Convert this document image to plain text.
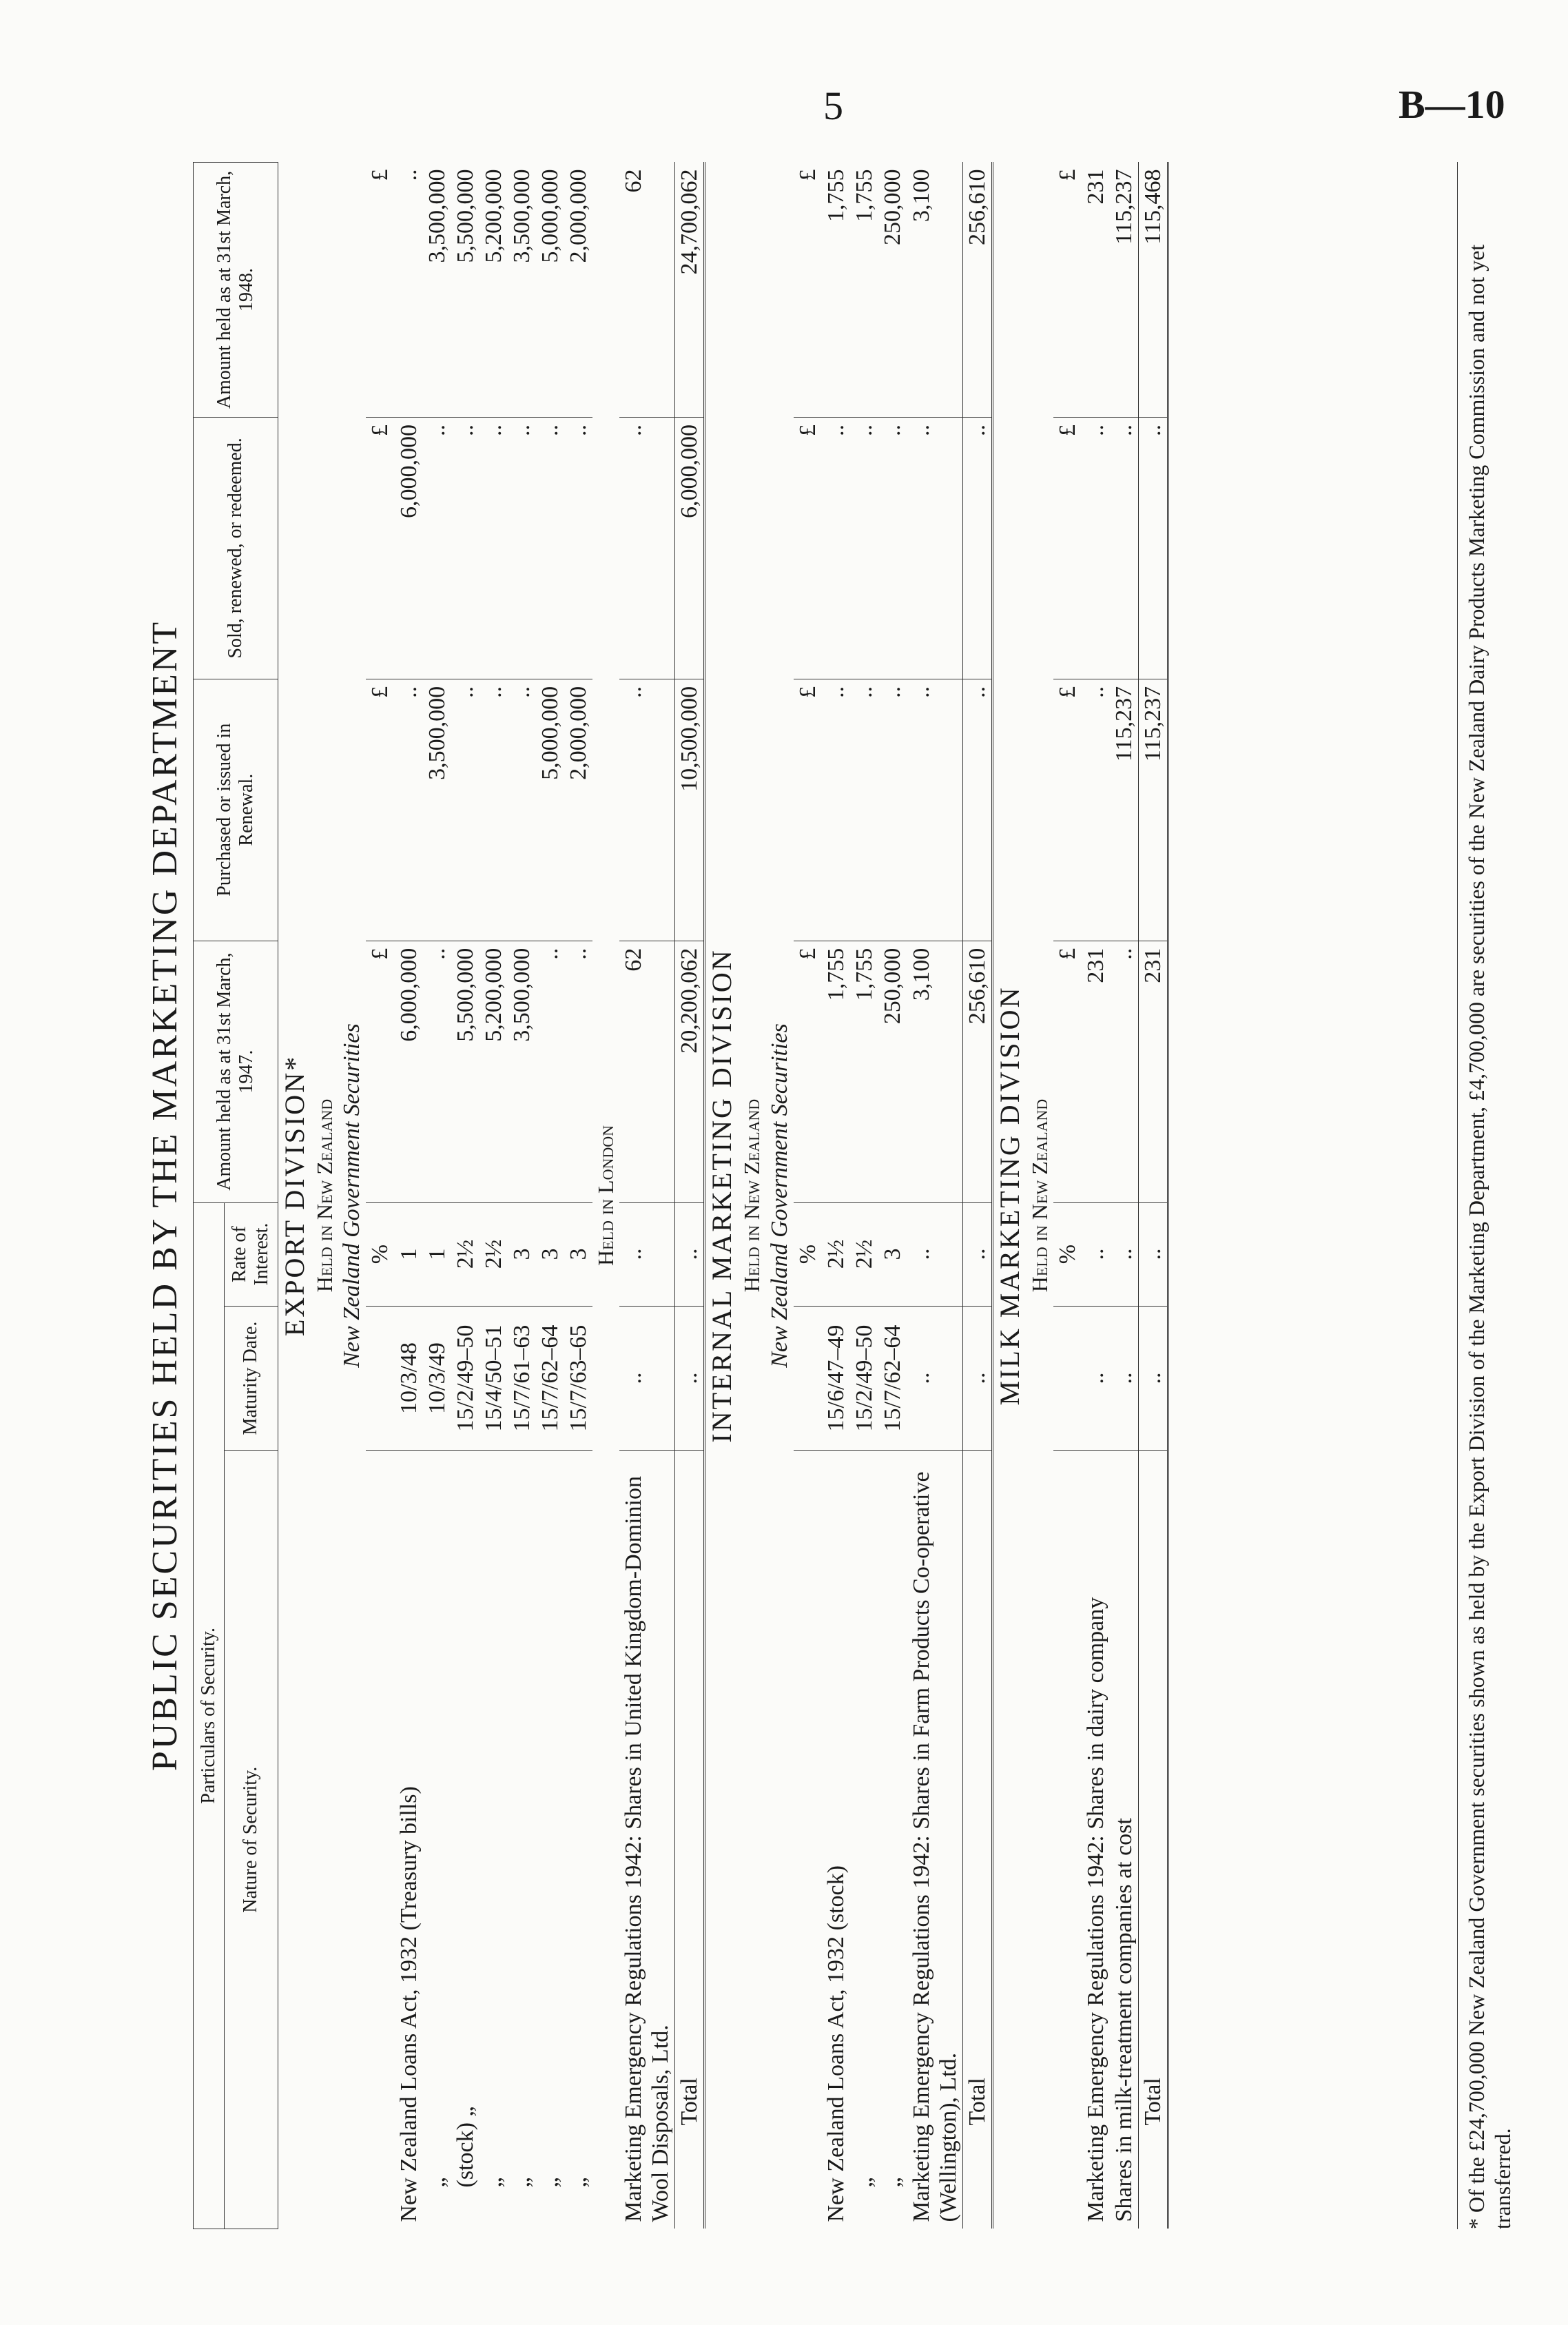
5	B—10
PUBLIC SECURITIES HELD BY THE MARKETING DEPARTMENT Particulars of Security.			Amount held as at 31st March, 1947.	Purchased or issued in Renewal.	Sold, renewed, or redeemed.	Amount held as at 31st March, 1948.
Nature of Security.	Maturity Date.	Rate of Interest.				
EXPORT DIVISION*						
Held in New Zealand						
New Zealand Government Securities						
		%	£	£	£	£
New Zealand Loans Act, 1932 (Treasury bills)	10/3/48	1	6,000,000	..	6,000,000	..
„	10/3/49	1	..	3,500,000	..	3,500,000
(stock) „	15/2/49–50	2½	5,500,000	..	..	5,500,000
„	15/4/50–51	2½	5,200,000	..	..	5,200,000
„	15/7/61–63	3	3,500,000	..	..	3,500,000
„	15/7/62–64	3	..	5,000,000	..	5,000,000
„	15/7/63–65	3	..	2,000,000	..	2,000,000
Held in London						
Marketing Emergency Regulations 1942: Shares in United Kingdom-Dominion Wool Disposals, Ltd.	..	..	62	..	..	62
Total	..	..	20,200,062	10,500,000	6,000,000	24,700,062
INTERNAL MARKETING DIVISION						
Held in New Zealand						
New Zealand Government Securities						
		%	£	£	£	£
New Zealand Loans Act, 1932 (stock)	15/6/47–49	2½	1,755	..	..	1,755
„	15/2/49–50	2½	1,755	..	..	1,755
„	15/7/62–64	3	250,000	..	..	250,000
Marketing Emergency Regulations 1942: Shares in Farm Products Co-operative (Wellington), Ltd.	..	..	3,100	..	..	3,100
Total	..	..	256,610	..	..	256,610
MILK MARKETING DIVISION						
Held in New Zealand						
		%	£	£	£	£
Marketing Emergency Regulations 1942: Shares in dairy company	..	..	231	..	..	231
Shares in milk-treatment companies at cost	..	..	..	115,237	..	115,237
Total	..	..	231	115,237	..	115,468
* Of the £24,700,000 New Zealand Government securities shown as held by the Export Division of the Marketing Department, £4,700,000 are securities of the New Zealand Dairy Products Marketing Commission and not yet transferred.
